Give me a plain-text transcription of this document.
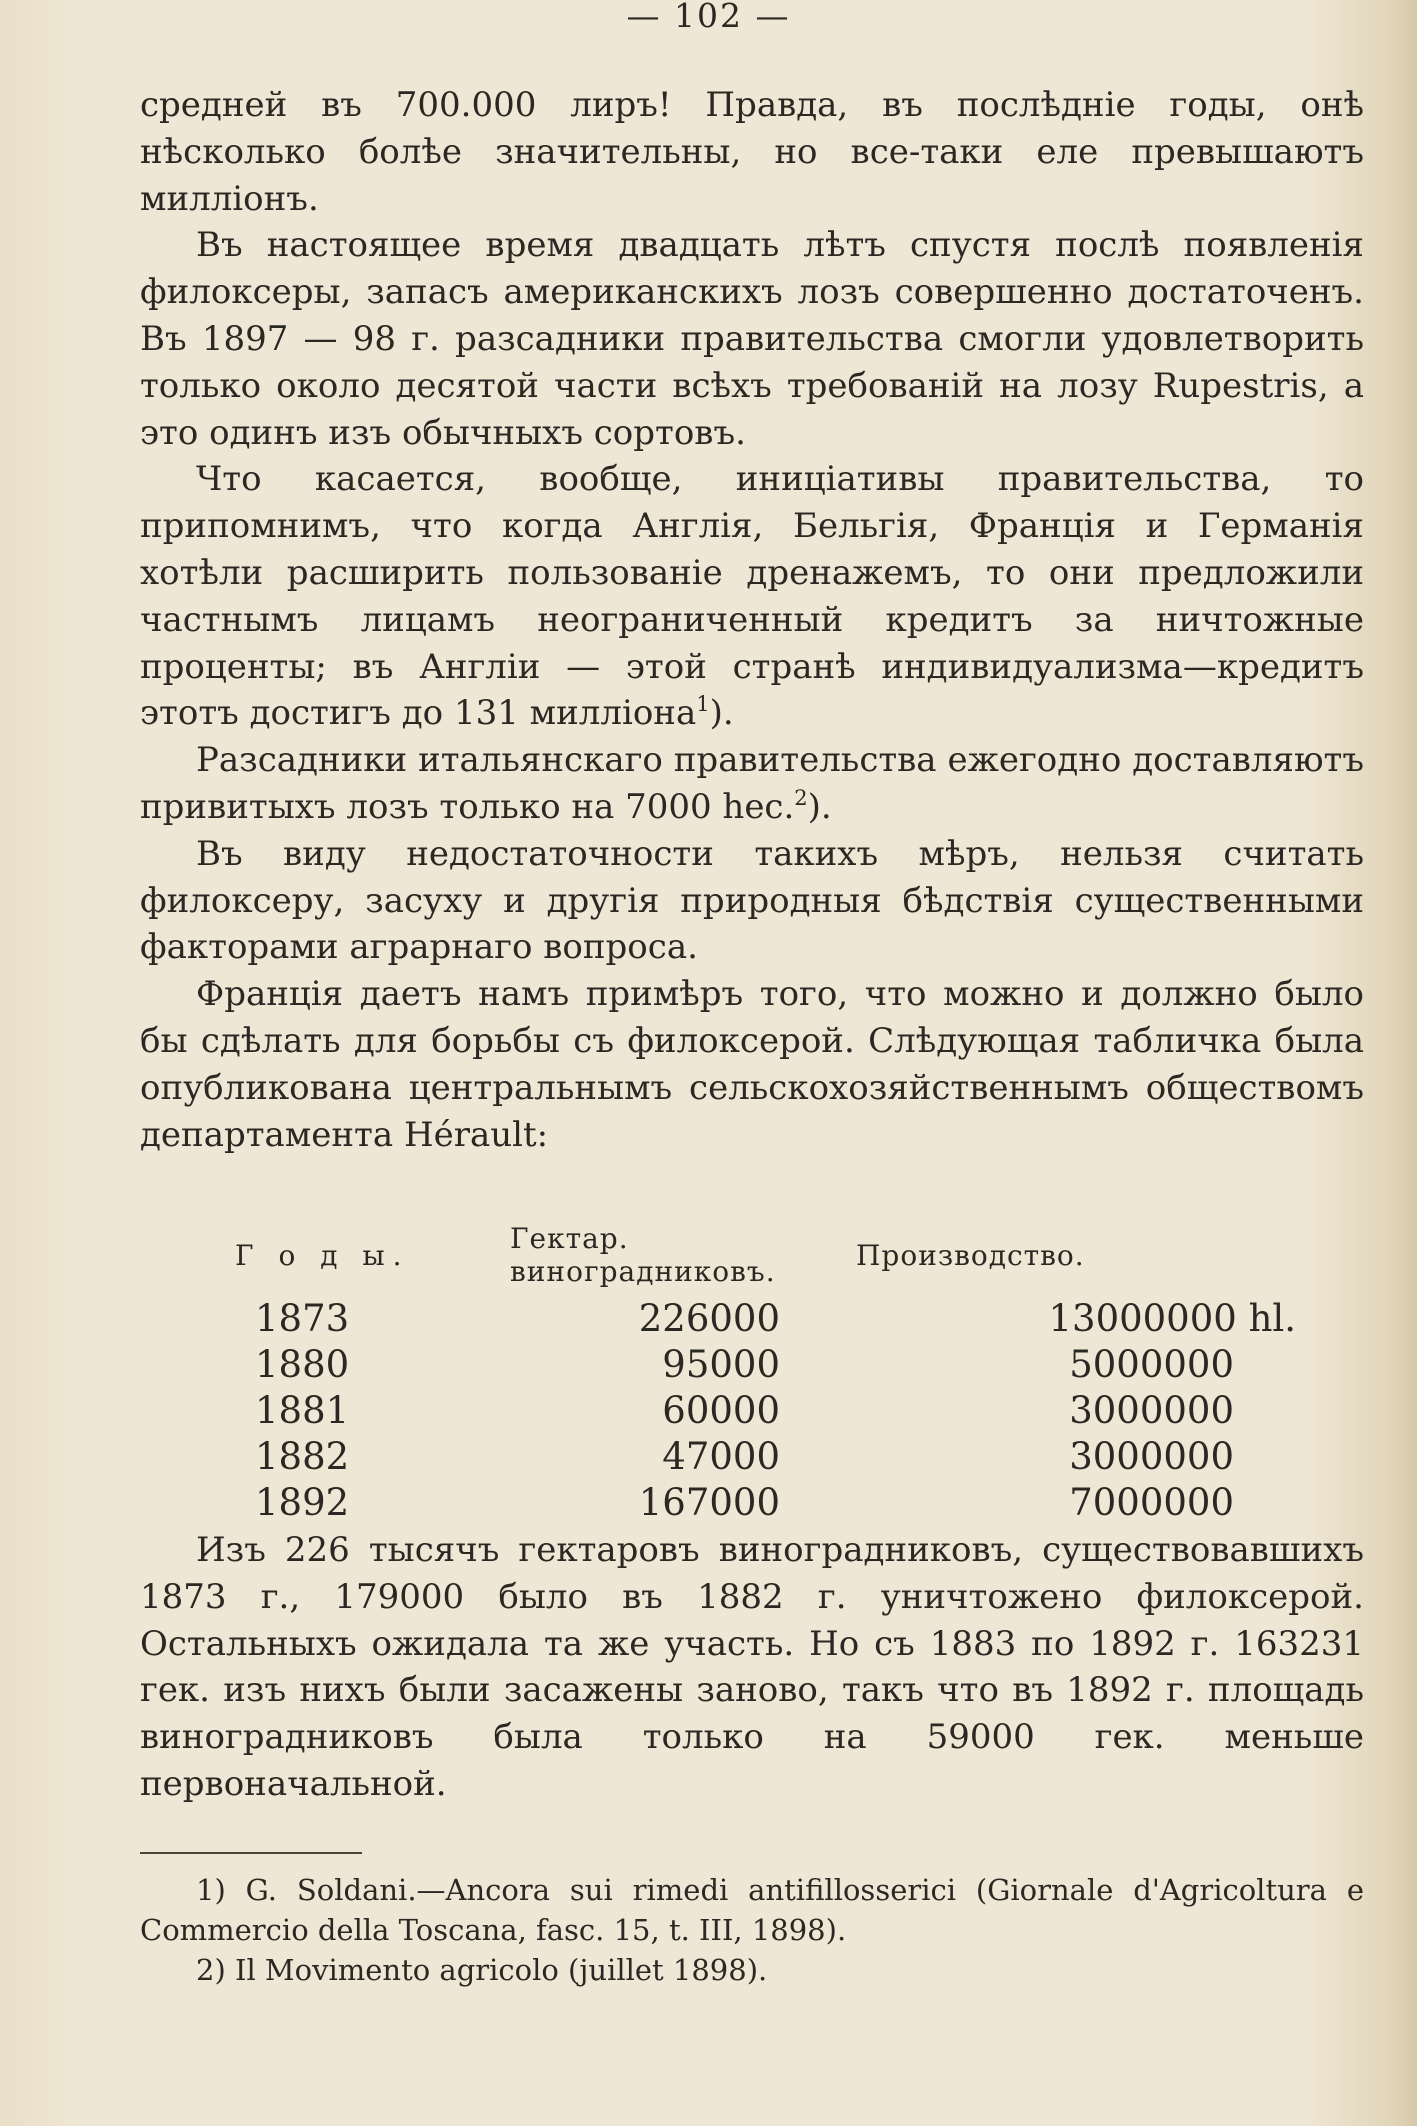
— 102 —

средней въ 700.000 лиръ! Правда, въ послѣдніе годы, онѣ нѣсколько болѣе значительны, но все-таки еле превышаютъ милліонъ.

Въ настоящее время двадцать лѣтъ спустя послѣ появленія филоксеры, запасъ американскихъ лозъ совершенно достаточенъ. Въ 1897 — 98 г. разсадники правительства смогли удовлетворить только около десятой части всѣхъ требованій на лозу Rupestris, а это одинъ изъ обычныхъ сортовъ.

Что касается, вообще, иниціативы правительства, то припомнимъ, что когда Англія, Бельгія, Франція и Германія хотѣли расширить пользованіе дренажемъ, то они предложили частнымъ лицамъ неограниченный кредитъ за ничтожные проценты; въ Англіи — этой странѣ индивидуализма—кредитъ этотъ достигъ до 131 милліона$^1$).

Разсадники итальянскаго правительства ежегодно доставляютъ привитыхъ лозъ только на 7000 hec.$^2$).

Въ виду недостаточности такихъ мѣръ, нельзя считать филоксеру, засуху и другія природныя бѣдствія существенными факторами аграрнаго вопроса.

Франція даетъ намъ примѣръ того, что можно и должно было бы сдѣлать для борьбы съ филоксерой. Слѣдующая табличка была опубликована центральнымъ сельскохозяйственнымъ обществомъ департамента Hérault:

Г о д ы.	Гектар. виноградниковъ.	Производство.
1873	226000	13000000 hl.
1880	95000	5000000
1881	60000	3000000
1882	47000	3000000
1892	167000	7000000

Изъ 226 тысячъ гектаровъ виноградниковъ, существовавшихъ 1873 г., 179000 было въ 1882 г. уничтожено филоксерой. Остальныхъ ожидала та же участь. Но съ 1883 по 1892 г. 163231 гек. изъ нихъ были засажены заново, такъ что въ 1892 г. площадь виноградниковъ была только на 59000 гек. меньше первоначальной.

1) G. Soldani.—Ancora sui rimedi antifillosserici (Giornale d'Agricoltura e Commercio della Toscana, fasc. 15, t. III, 1898).

2) Il Movimento agricolo (juillet 1898).
